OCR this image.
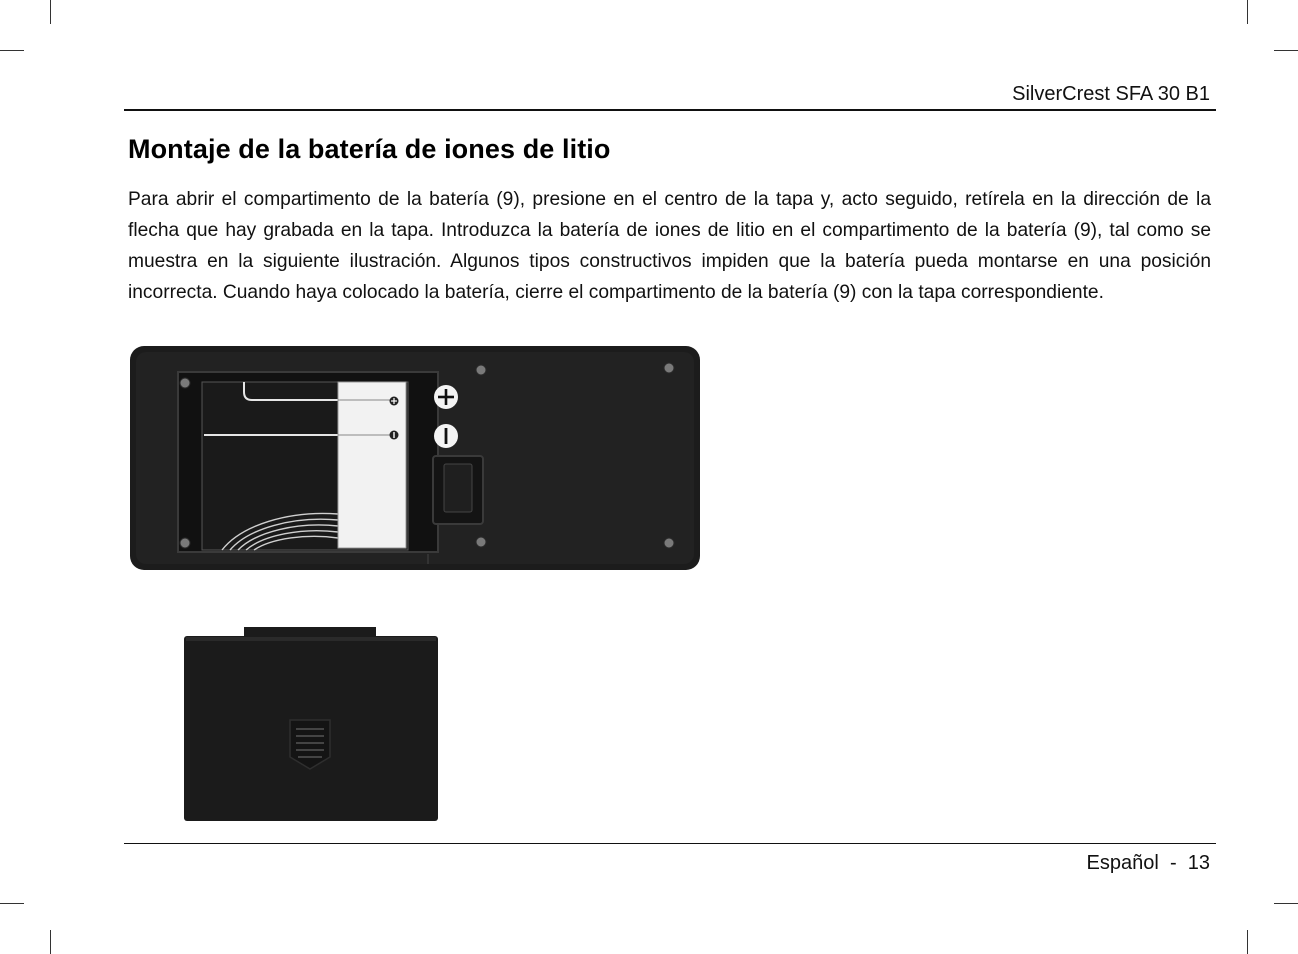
SilverCrest SFA 30 B1
Montaje de la batería de iones de litio

Para abrir el compartimento de la batería (9), presione en el centro de la tapa y, acto seguido, retírela en la dirección de la flecha que hay grabada en la tapa. Introduzca la batería de iones de litio en el compartimento de la batería (9), tal como se muestra en la siguiente ilustración. Algunos tipos constructivos impiden que la batería pueda montarse en una posición incorrecta. Cuando haya colocado la batería, cierre el compartimento de la batería (9) con la tapa correspondiente.

Español - 13
